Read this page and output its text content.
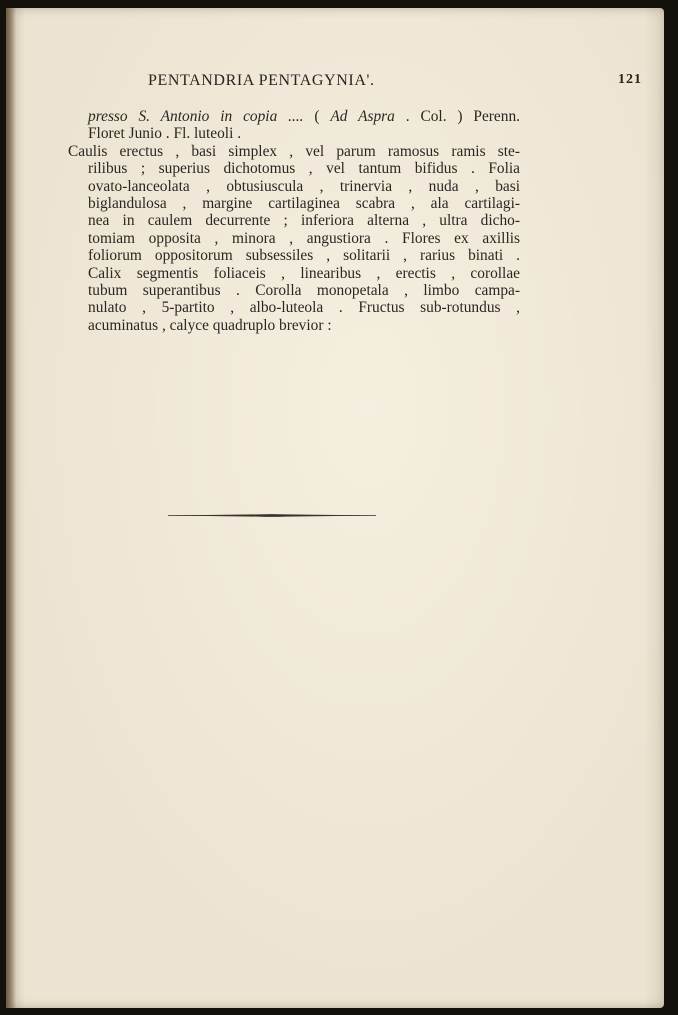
PENTANDRIA PENTAGYNIA'.	121
presso S. Antonio in copia .... ( Ad Aspra . Col. ) Perenn.
Floret Junio . Fl. luteoli .
Caulis erectus , basi simplex , vel parum ramosus ramis ste-
rilibus ; superius dichotomus , vel tantum bifidus . Folia
ovato-lanceolata , obtusiuscula , trinervia , nuda , basi
biglandulosa , margine cartilaginea scabra , ala cartilagi-
nea in caulem decurrente ; inferiora alterna , ultra dicho-
tomiam opposita , minora , angustiora . Flores ex axillis
foliorum oppositorum subsessiles , solitarii , rarius binati .
Calix segmentis foliaceis , linearibus , erectis , corollae
tubum superantibus . Corolla monopetala , limbo campa-
nulato , 5-partito , albo-luteola . Fructus sub-rotundus ,
acuminatus , calyce quadruplo brevior :
